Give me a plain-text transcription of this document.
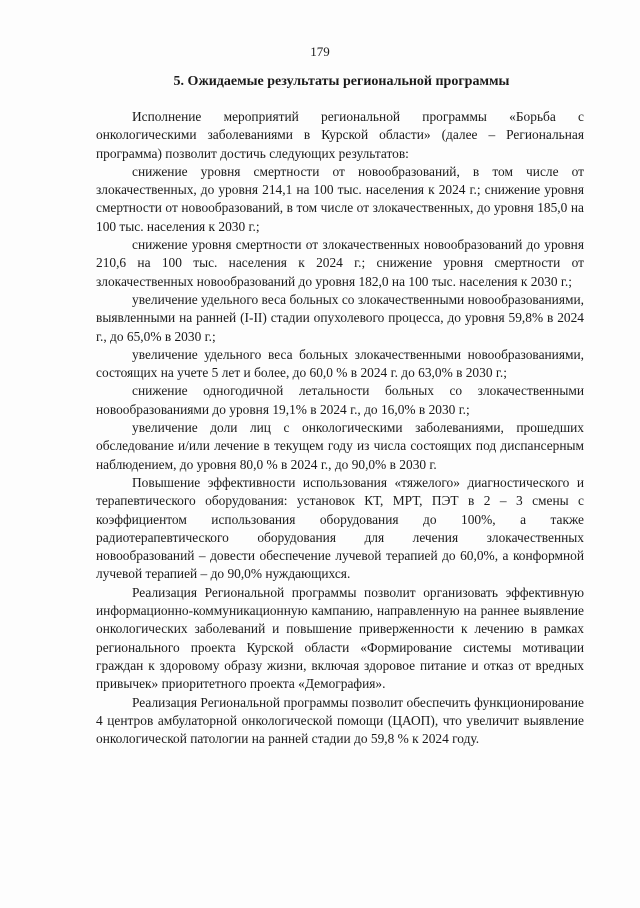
179
5. Ожидаемые результаты региональной программы

Исполнение мероприятий региональной программы «Борьба с онкологическими заболеваниями в Курской области» (далее – Региональная программа) позволит достичь следующих результатов:

снижение уровня смертности от новообразований, в том числе от злокачественных, до уровня 214,1 на 100 тыс. населения к 2024 г.; снижение уровня смертности от новообразований, в том числе от злокачественных, до уровня 185,0 на 100 тыс. населения к 2030 г.;

снижение уровня смертности от злокачественных новообразований до уровня 210,6 на 100 тыс. населения к 2024 г.; снижение уровня смертности от злокачественных новообразований до уровня 182,0 на 100 тыс. населения к 2030 г.;

увеличение удельного веса больных со злокачественными новообразованиями, выявленными на ранней (I-II) стадии опухолевого процесса, до уровня 59,8% в 2024 г., до 65,0% в 2030 г.;

увеличение удельного веса больных злокачественными новообразованиями, состоящих на учете 5 лет и более, до 60,0 % в 2024 г. до 63,0% в 2030 г.;

снижение одногодичной летальности больных со злокачественными новообразованиями до уровня 19,1% в 2024 г., до 16,0% в 2030 г.;

увеличение доли лиц с онкологическими заболеваниями, прошедших обследование и/или лечение в текущем году из числа состоящих под диспансерным наблюдением, до уровня 80,0 % в 2024 г., до 90,0% в 2030 г.

Повышение эффективности использования «тяжелого» диагностического и терапевтического оборудования: установок КТ, МРТ, ПЭТ в 2 – 3 смены с коэффициентом использования оборудования до 100%, а также радиотерапевтического оборудования для лечения злокачественных новообразований – довести обеспечение лучевой терапией до 60,0%, а конформной лучевой терапией – до 90,0% нуждающихся.

Реализация Региональной программы позволит организовать эффективную информационно-коммуникационную кампанию, направленную на раннее выявление онкологических заболеваний и повышение приверженности к лечению в рамках регионального проекта Курской области «Формирование системы мотивации граждан к здоровому образу жизни, включая здоровое питание и отказ от вредных привычек» приоритетного проекта «Демография».

Реализация Региональной программы позволит обеспечить функционирование 4 центров амбулаторной онкологической помощи (ЦАОП), что увеличит выявление онкологической патологии на ранней стадии до 59,8 % к 2024 году.
